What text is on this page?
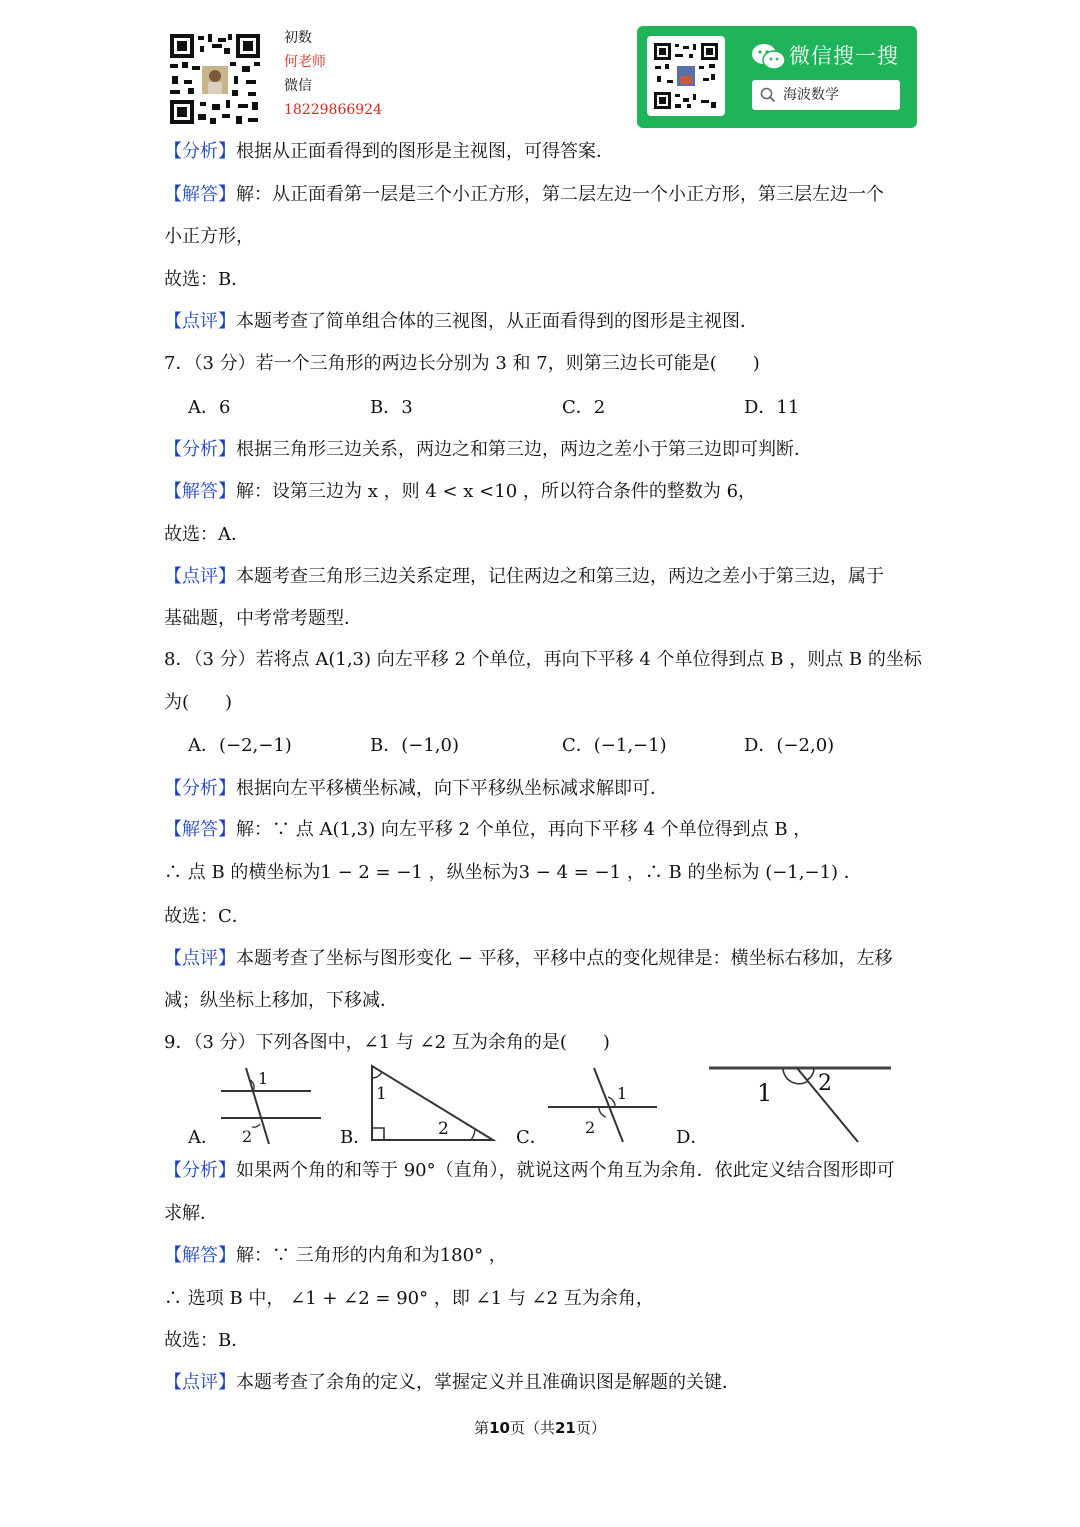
初数
何老师
微信
18229866924
微信搜一搜
海波数学
【分析】根据从正面看得到的图形是主视图，可得答案．
【解答】解：从正面看第一层是三个小正方形，第二层左边一个小正方形，第三层左边一个
小正方形，
故选：B．
【点评】本题考查了简单组合体的三视图，从正面看得到的图形是主视图．
7．（3 分）若一个三角形的两边长分别为 3 和 7，则第三边长可能是(　　)
A．6	B．3	C．2	D．11
【分析】根据三角形三边关系，两边之和第三边，两边之差小于第三边即可判断．
【解答】解：设第三边为 x ，则 4 < x <10 ，所以符合条件的整数为 6，
故选：A．
【点评】本题考查三角形三边关系定理，记住两边之和第三边，两边之差小于第三边，属于
基础题，中考常考题型．
8．（3 分）若将点 A(1,3) 向左平移 2 个单位，再向下平移 4 个单位得到点 B ，则点 B 的坐标
为(　　)
A．(−2,−1)	B．(−1,0)	C．(−1,−1)	D．(−2,0)
【分析】根据向左平移横坐标减，向下平移纵坐标减求解即可．
【解答】解：∵ 点 A(1,3) 向左平移 2 个单位，再向下平移 4 个单位得到点 B ，
∴ 点 B 的横坐标为1 − 2 = −1 ，纵坐标为3 − 4 = −1 ，∴ B 的坐标为 (−1,−1) ．
故选：C．
【点评】本题考查了坐标与图形变化 − 平移，平移中点的变化规律是：横坐标右移加，左移
减；纵坐标上移加，下移减．
9．（3 分）下列各图中，∠1 与 ∠2 互为余角的是(　　)
A．
1
2	B．
1
2	C．
1
2	D．
1 2
【分析】如果两个角的和等于 90°（直角），就说这两个角互为余角．依此定义结合图形即可
求解．
【解答】解：∵ 三角形的内角和为180° ，
∴ 选项 B 中， ∠1 + ∠2 = 90° ，即 ∠1 与 ∠2 互为余角，
故选：B．
【点评】本题考查了余角的定义，掌握定义并且准确识图是解题的关键．
第10页（共21页）
